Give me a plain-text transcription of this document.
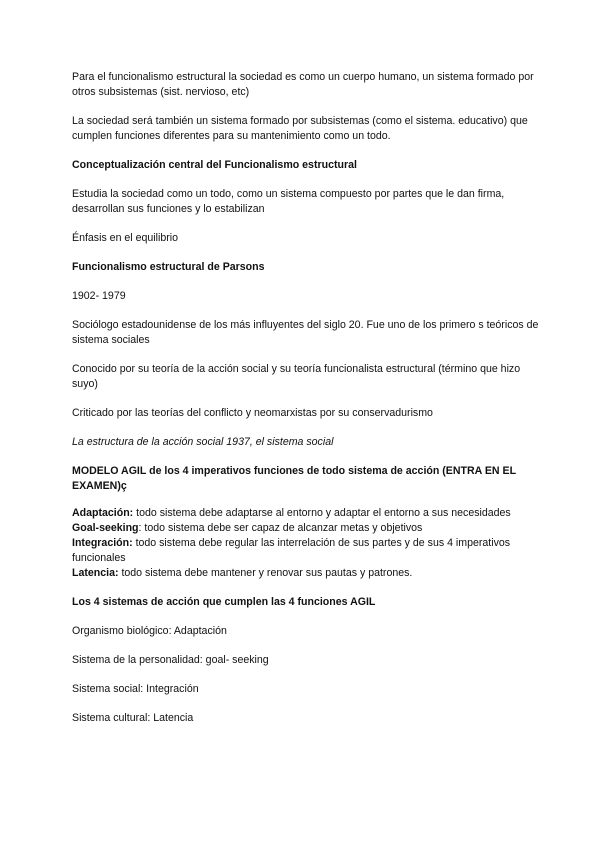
Para el funcionalismo estructural la sociedad es como un cuerpo humano, un sistema formado por otros subsistemas (sist. nervioso, etc)

La sociedad será también un sistema formado por subsistemas (como el sistema. educativo) que cumplen funciones diferentes para su mantenimiento como un todo.

Conceptualización central del Funcionalismo estructural

Estudia la sociedad como un todo, como un sistema compuesto por partes que le dan firma, desarrollan sus funciones y lo estabilizan

Énfasis en el equilibrio

Funcionalismo estructural de Parsons

1902- 1979

Sociólogo estadounidense de los más influyentes del siglo 20. Fue uno de los primero s teóricos de sistema sociales

Conocido por su teoría de la acción social y su teoría funcionalista estructural (término que hizo suyo)

Criticado por las teorías del conflicto y neomarxistas por su conservadurismo

La estructura de la acción social 1937, el sistema social

MODELO AGIL de los 4 imperativos funciones de todo sistema de acción (ENTRA EN EL EXAMEN)ç

Adaptación: todo sistema debe adaptarse al entorno y adaptar el entorno a sus necesidades

Goal-seeking: todo sistema debe ser capaz de alcanzar metas y objetivos

Integración: todo sistema debe regular las interrelación de sus partes y de sus 4 imperativos funcionales

Latencia: todo sistema debe mantener y renovar sus pautas y patrones.

Los 4 sistemas de acción que cumplen las 4 funciones AGIL

Organismo biológico: Adaptación

Sistema de la personalidad: goal- seeking

Sistema social: Integración

Sistema cultural: Latencia
